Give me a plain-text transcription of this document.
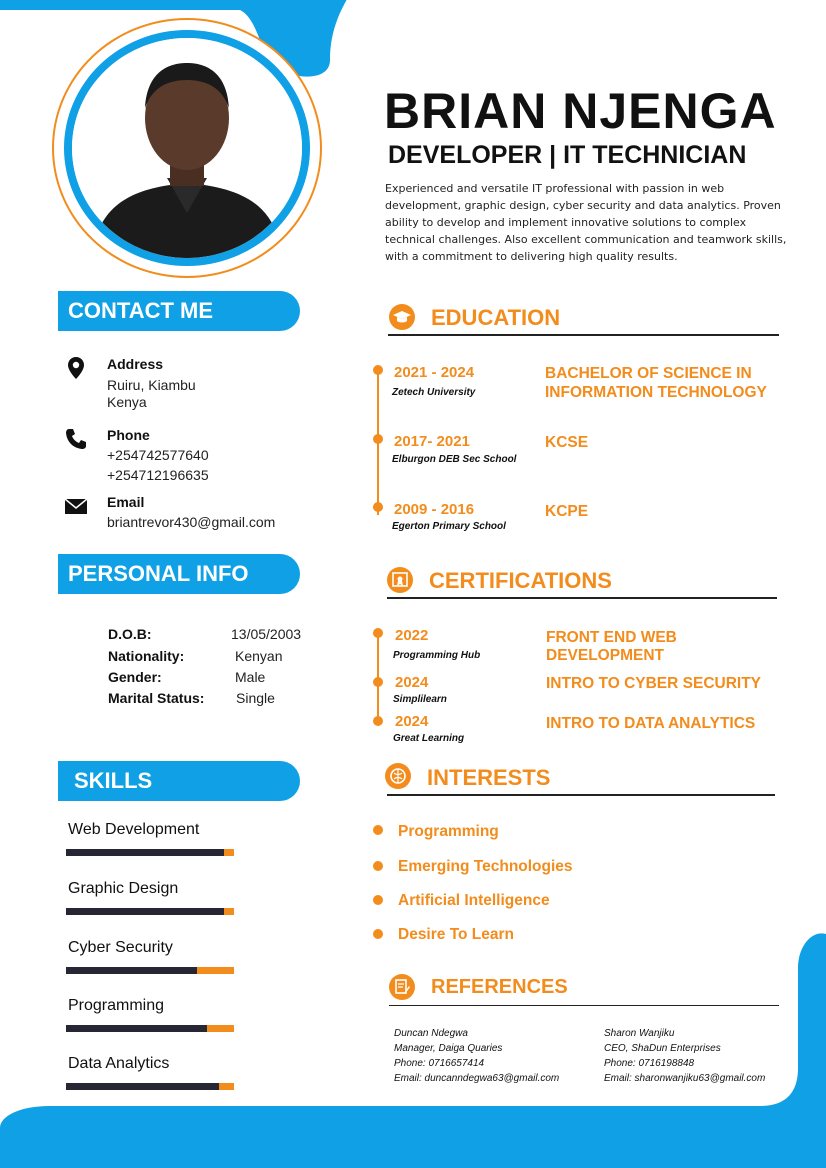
BRIAN NJENGA
DEVELOPER | IT TECHNICIAN
Experienced and versatile IT professional with passion in web development, graphic design, cyber security and data analytics. Proven ability to develop and implement innovative solutions to complex technical challenges. Also excellent communication and teamwork skills, with a commitment to delivering high quality results.
CONTACT ME
Address
Ruiru, Kiambu
Kenya
Phone
+254742577640
+254712196635
Email
briantrevor430@gmail.com
PERSONAL INFO
D.O.B:	13/05/2003
Nationality:	Kenyan
Gender:	Male
Marital Status: Single
SKILLS
Web Development
Graphic Design
Cyber Security
Programming
Data Analytics
EDUCATION
2021 - 2024
Zetech University
BACHELOR OF SCIENCE IN
INFORMATION TECHNOLOGY
2017- 2021
Elburgon DEB Sec School
KCSE
2009 - 2016
Egerton Primary School
KCPE
CERTIFICATIONS
2022
Programming Hub
FRONT END WEB
DEVELOPMENT
2024
Simplilearn
INTRO TO CYBER SECURITY
2024
Great Learning
INTRO TO DATA ANALYTICS
INTERESTS
Programming
Emerging Technologies
Artificial Intelligence
Desire To Learn
REFERENCES
Duncan Ndegwa
Manager, Daiga Quaries
Phone: 0716657414
Email: duncanndegwa63@gmail.com
Sharon Wanjiku
CEO, ShaDun Enterprises
Phone: 0716198848
Email: sharonwanjiku63@gmail.com
